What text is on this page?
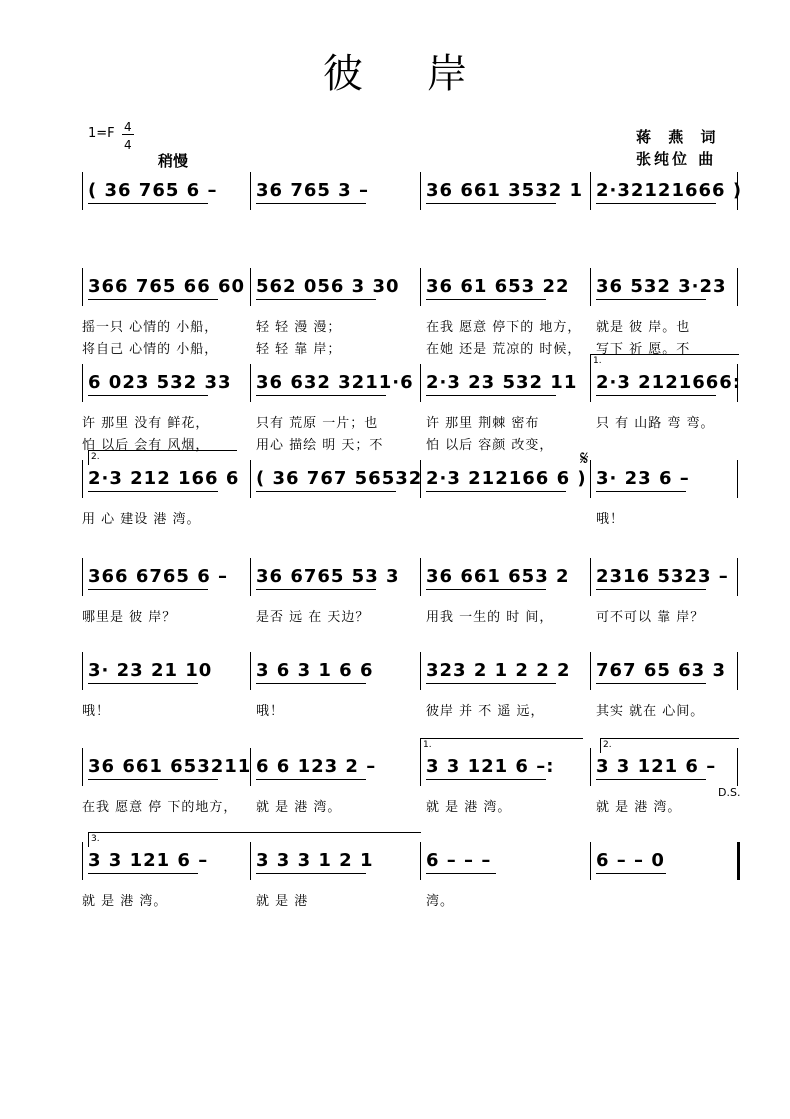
彼岸
1=F 4
4
稍慢
蒋 燕 词
张纯位 曲
( 36 765 6 – 36 765 3 –	36 661 3532 1 2·32121666 )
366 765 66 60 562 056 3 30 36 61 653 22 36 532 3·23
摇一只 心情的 小船，	轻 轻 漫 漫；	在我 愿意 停下的 地方， 就是 彼 岸。也
将自己 心情的 小船，	轻 轻 靠 岸；	在她 还是 荒凉的 时候， 写下 祈 愿。不
6 023 532 33 36 632 3211·6 2·3 23 532 11 2·3 2121666:
许 那里 没有 鲜花，	只有 荒原 一片；也	许 那里 荆棘 密布	只 有 山路 弯 弯。
怕 以后 会有 风烟，	用心 描绘 明 天；不	怕 以后 容颜 改变，
2·3 212 166 6 ( 36 767 56532 2·3 212166 6 ) 3· 23 6 –
用 心 建设 港 湾。	哦！
366 6765 6 – 36 6765 53 3 36 661 653 2 2316 5323 –
哪里是 彼 岸？	是否 远 在 天边？	用我 一生的 时 间，	可不可以 靠 岸？
3· 23 21 10 3 6 3 1 6 6	323 2 1 2 2 2 767 65 63 3
哦！	哦！	彼岸 并 不 遥 远，	其实 就在 心间。
36 661 653211 6 6 123 2 –	3 3 121 6 –: 3 3 121 6 –
在我 愿意 停 下的地方， 就 是 港 湾。	就 是 港 湾。	就 是 港 湾。
3 3 121 6 –	3 3 3 1 2 1	6 – – –	6 – – 0
就 是 港 湾。	就 是 港	湾。
𝄋
D.S.
1.
2.
1.	2.
3.
